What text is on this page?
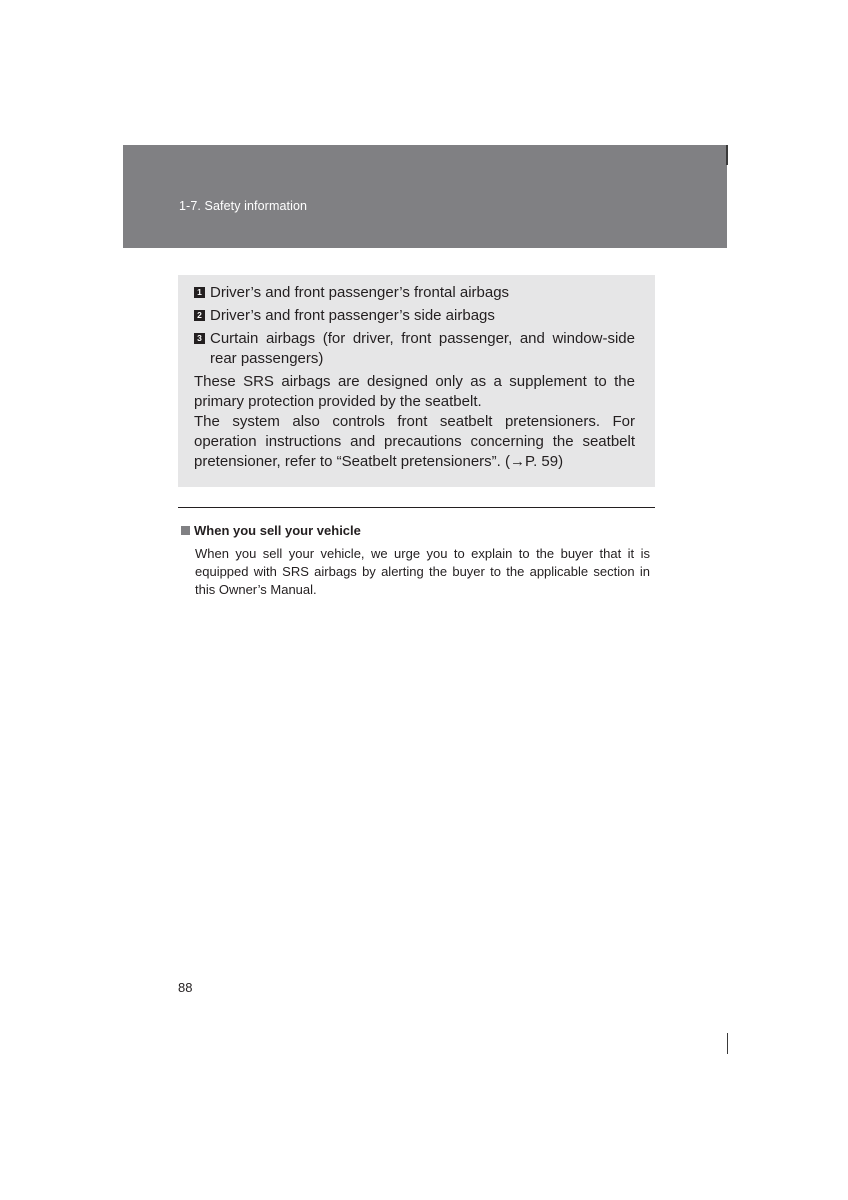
1-7. Safety information
1 Driver’s and front passenger’s frontal airbags
2 Driver’s and front passenger’s side airbags
3 Curtain airbags (for driver, front passenger, and window-side rear passengers)

These SRS airbags are designed only as a supplement to the primary protection provided by the seatbelt.

The system also controls front seatbelt pretensioners. For operation instructions and precautions concerning the seatbelt pretensioner, refer to “Seatbelt pretensioners”. (→P. 59)

When you sell your vehicle
When you sell your vehicle, we urge you to explain to the buyer that it is equipped with SRS airbags by alerting the buyer to the applicable section in this Owner’s Manual.
88
